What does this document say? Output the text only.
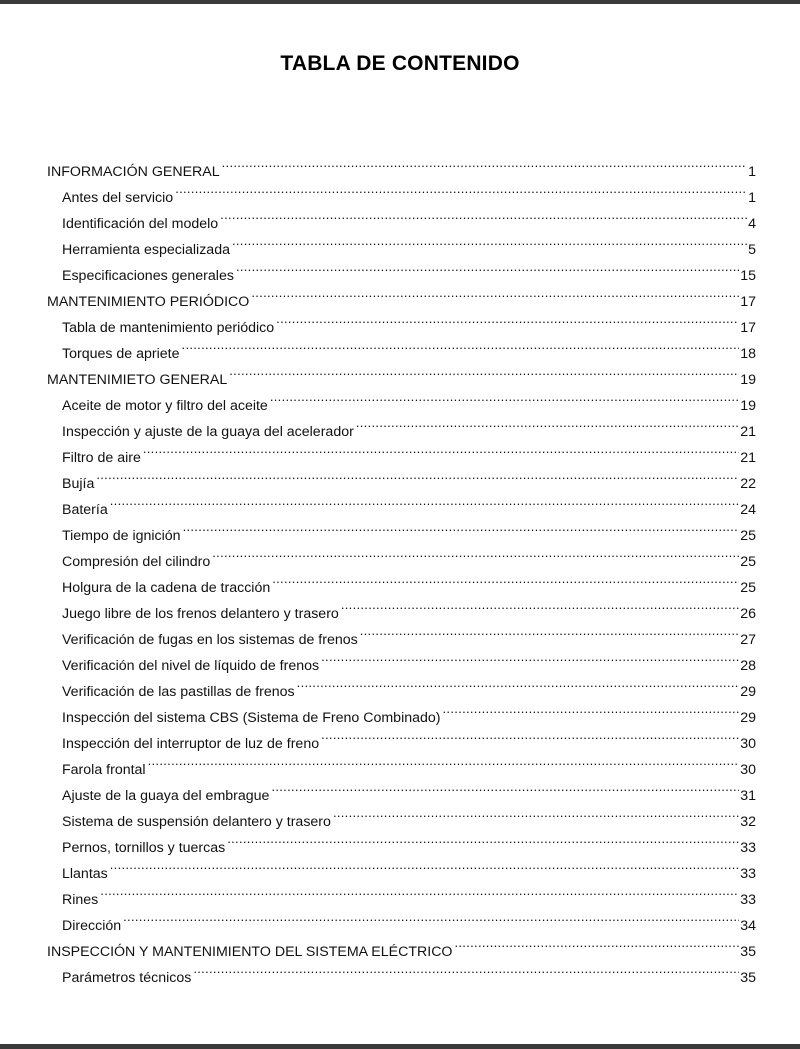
TABLA DE CONTENIDO
INFORMACIÓN GENERAL .....	1
Antes del servicio .....	1
Identificación del modelo .....	4
Herramienta especializada .....	5
Especificaciones generales .....	15
MANTENIMIENTO PERIÓDICO .....	17
Tabla de mantenimiento periódico .....	17
Torques de apriete .....	18
MANTENIMIETO GENERAL .....	19
Aceite de motor y filtro del aceite .....	19
Inspección y ajuste de la guaya del acelerador .....	21
Filtro de aire .....	21
Bujía .....	22
Batería .....	24
Tiempo de ignición .....	25
Compresión del cilindro .....	25
Holgura de la cadena de tracción .....	25
Juego libre de los frenos delantero y trasero .....	26
Verificación de fugas en los sistemas de frenos .....	27
Verificación del nivel de líquido de frenos .....	28
Verificación de las pastillas de frenos .....	29
Inspección del sistema CBS (Sistema de Freno Combinado) .....	29
Inspección del interruptor de luz de freno .....	30
Farola frontal .....	30
Ajuste de la guaya del embrague .....	31
Sistema de suspensión delantero y trasero .....	32
Pernos, tornillos y tuercas .....	33
Llantas .....	33
Rines .....	33
Dirección .....	34
INSPECCIÓN Y MANTENIMIENTO DEL SISTEMA ELÉCTRICO .....	35
Parámetros técnicos .....	35
